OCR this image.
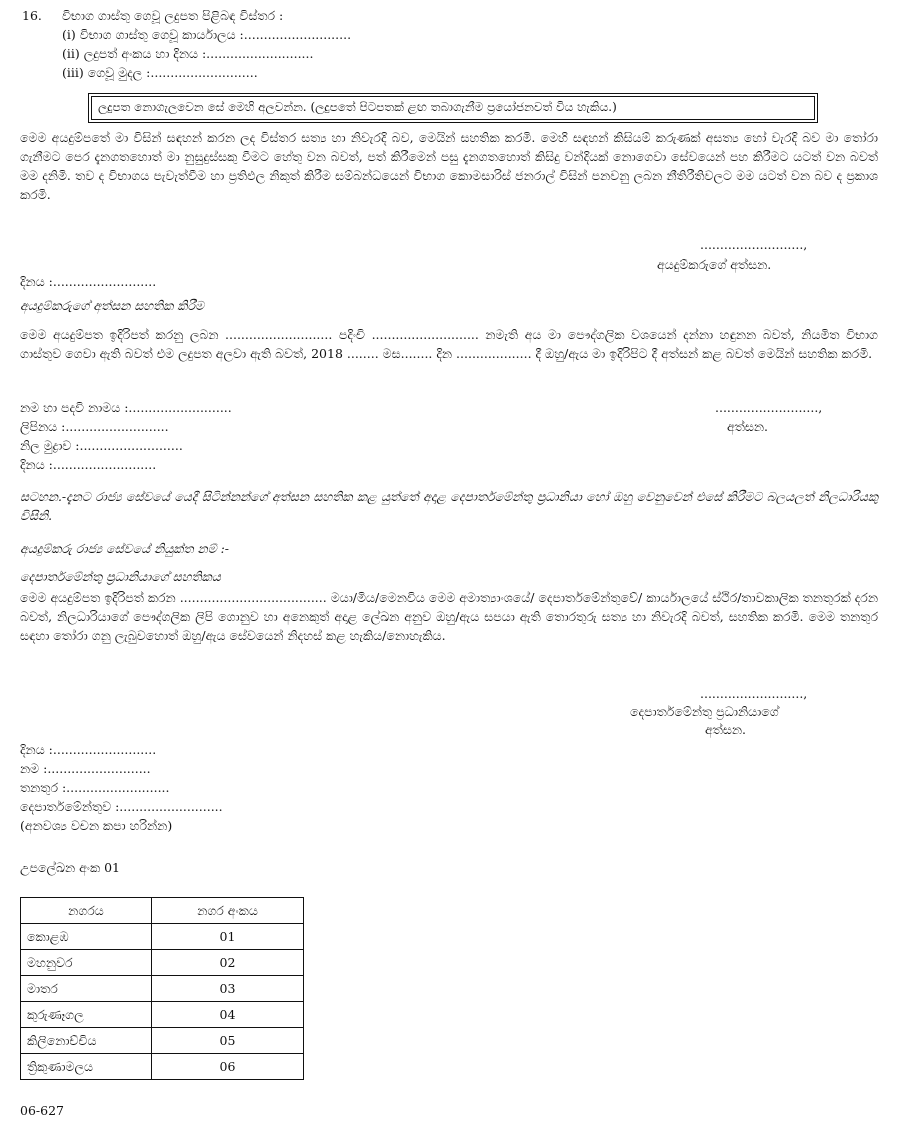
16. විභාග ගාස්තු ගෙවූ ලදුපත පිළිබඳ විස්තර :
(i) විභාග ගාස්තු ගෙවූ කාර්යාලය :...........................
(ii) ලදුපත් අංකය හා දිනය :...........................
(iii) ගෙවූ මුදල :...........................
ලදුපත නොගැලවෙන සේ මෙහි අලවන්න. (ලදුපතේ පිටපතක් ළඟ තබාගැනීම ප්‍රයෝජනවත් විය හැකිය.)
මෙම අයදුම්පතේ මා විසින් සඳහන් කරන ලද විස්තර සත්‍ය හා නිවැරදි බව, මෙයින් සහතික කරමි. මෙහි සඳහන් කිසියම් කරුණක් අසත්‍ය හෝ වැරදි බව මා තෝරා ගැනීමට පෙර දැනගතහොත් මා නුසුදුස්සකු වීමට හේතු වන බවත්, පත් කිරීමෙන් පසු දැනගතහොත් කිසිදු වන්දියක් නොගෙවා සේවයෙන් පහ කිරීමට යටත් වන බවත් මම දනිමි. තව ද විභාගය පැවැත්වීම හා ප්‍රතිඵල නිකුත් කිරීම සම්බන්ධයෙන් විභාග කොමසාරිස් ජනරාල් විසින් පනවනු ලබන නීතිරීතිවලට මම යටත් වන බව ද ප්‍රකාශ කරමි.
..........................,
අයදුම්කරුගේ අත්සන.
දිනය :..........................
අයදුම්කරුගේ අත්සන සහතික කිරීම
මෙම අයදුම්පත ඉදිරිපත් කරනු ලබන ........................... පදිංචි ........................... නමැති අය මා පෞද්ගලික වශයෙන් දන්නා හඳුනන බවත්, නියමිත විභාග ගාස්තුව ගෙවා ඇති බවත් එම ලදුපත අලවා ඇති බවත්, 2018 ........ මස........ දින ................... දී ඔහු/ඇය මා ඉදිරිපිට දී අත්සන් කළ බවත් මෙයින් සහතික කරමි.
නම හා පදවි නාමය :..........................
ලිපිනය :..........................
නිල මුද්‍රාව :..........................
දිනය :..........................
..........................,
අත්සන.
සටහන.-දැනට රාජ්‍ය සේවයේ යෙදී සිටින්නන්ගේ අත්සන සහතික කළ යුත්තේ අදාළ දෙපාර්තමේන්තු ප්‍රධානියා හෝ ඔහු වෙනුවෙන් එසේ කිරීමට බලයලත් නිලධාරියකු විසිනි.
අයදුම්කරු රාජ්‍ය සේවයේ නියුක්ත නම් :-
දෙපාර්තමේන්තු ප්‍රධානියාගේ සහතිකය
මෙම අයදුම්පත ඉදිරිපත් කරන ..................................... මයා/මිය/මෙනවිය මෙම අමාත්‍යාංශයේ/ දෙපාර්තමේන්තුවේ/ කාර්යාලයේ ස්ථිර/තාවකාලික තනතුරක් දරන බවත්, නිලධාරියාගේ පෞද්ගලික ලිපි ගොනුව හා අනෙකුත් අදාළ ලේඛන අනුව ඔහු/ඇය සපයා ඇති තොරතුරු සත්‍ය හා නිවැරදි බවත්, සහතික කරමි. මෙම තනතුර සඳහා තෝරා ගනු ලැබුවහොත් ඔහු/ඇය සේවයෙන් නිදහස් කළ හැකිය/නොහැකිය.
..........................,
දෙපාර්තමේන්තු ප්‍රධානියාගේ
අත්සන.
දිනය :..........................
නම :..........................
තනතුර :..........................
දෙපාර්තමේන්තුව :..........................
(අනවශ්‍ය වචන කපා හරින්න)
උපලේඛන අංක 01
නගරය	නගර අංකය
කොළඹ	01
මහනුවර	02
මාතර	03
කුරුණෑගල	04
කිලිනොච්චිය	05
ත්‍රිකුණාමලය	06
06-627
